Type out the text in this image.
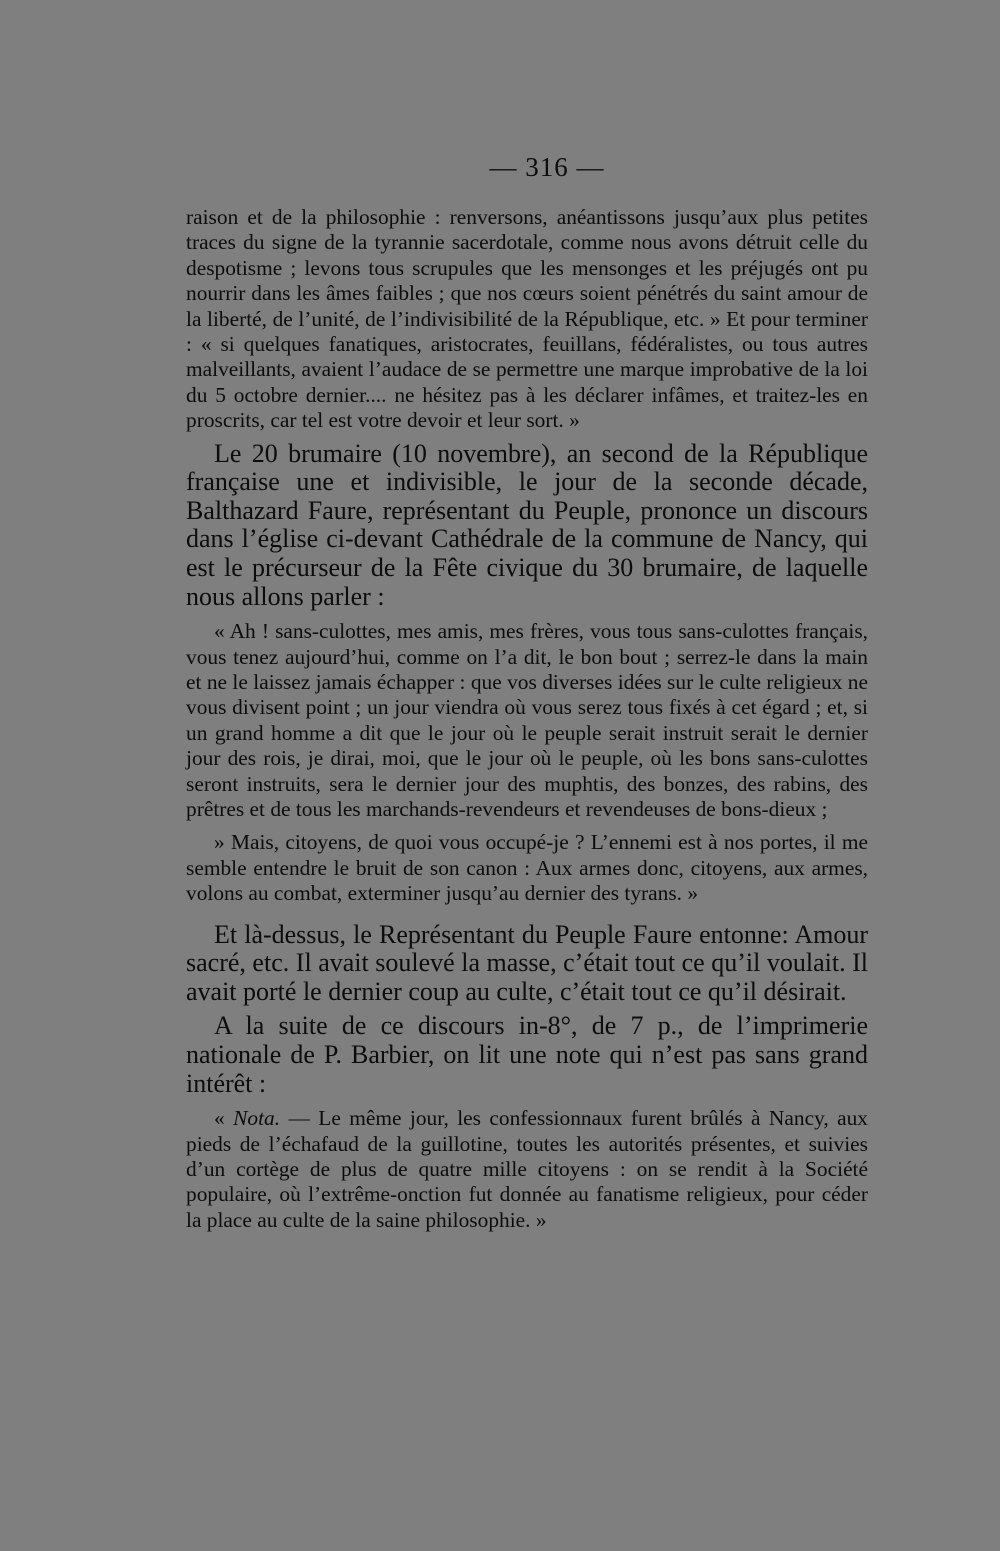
— 316 —

raison et de la philosophie : renversons, anéantissons jusqu’aux plus petites traces du signe de la tyrannie sacerdotale, comme nous avons détruit celle du despotisme ; levons tous scrupules que les mensonges et les préjugés ont pu nourrir dans les âmes faibles ; que nos cœurs soient pénétrés du saint amour de la liberté, de l’unité, de l’indivisibilité de la République, etc. » Et pour terminer : « si quelques fanatiques, aristocrates, feuillans, fédéralistes, ou tous autres malveillants, avaient l’audace de se permettre une marque improbative de la loi du 5 octobre dernier.... ne hésitez pas à les déclarer infâmes, et traitez-les en proscrits, car tel est votre devoir et leur sort. »

Le 20 brumaire (10 novembre), an second de la République française une et indivisible, le jour de la seconde décade, Balthazard Faure, représentant du Peuple, prononce un discours dans l’église ci-devant Cathédrale de la commune de Nancy, qui est le précurseur de la Fête civique du 30 brumaire, de laquelle nous allons parler :

« Ah ! sans-culottes, mes amis, mes frères, vous tous sans-culottes français, vous tenez aujourd’hui, comme on l’a dit, le bon bout ; serrez-le dans la main et ne le laissez jamais échapper : que vos diverses idées sur le culte religieux ne vous divisent point ; un jour viendra où vous serez tous fixés à cet égard ; et, si un grand homme a dit que le jour où le peuple serait instruit serait le dernier jour des rois, je dirai, moi, que le jour où le peuple, où les bons sans-culottes seront instruits, sera le dernier jour des muphtis, des bonzes, des rabins, des prêtres et de tous les marchands-revendeurs et revendeuses de bons-dieux ;

» Mais, citoyens, de quoi vous occupé-je ? L’ennemi est à nos portes, il me semble entendre le bruit de son canon : Aux armes donc, citoyens, aux armes, volons au combat, exterminer jusqu’au dernier des tyrans. »

Et là-dessus, le Représentant du Peuple Faure entonne: Amour sacré, etc. Il avait soulevé la masse, c’était tout ce qu’il voulait. Il avait porté le dernier coup au culte, c’était tout ce qu’il désirait.

A la suite de ce discours in-8°, de 7 p., de l’imprimerie nationale de P. Barbier, on lit une note qui n’est pas sans grand intérêt :

« Nota. — Le même jour, les confessionnaux furent brûlés à Nancy, aux pieds de l’échafaud de la guillotine, toutes les autorités présentes, et suivies d’un cortège de plus de quatre mille citoyens : on se rendit à la Société populaire, où l’extrême-onction fut donnée au fanatisme religieux, pour céder la place au culte de la saine philosophie. »
